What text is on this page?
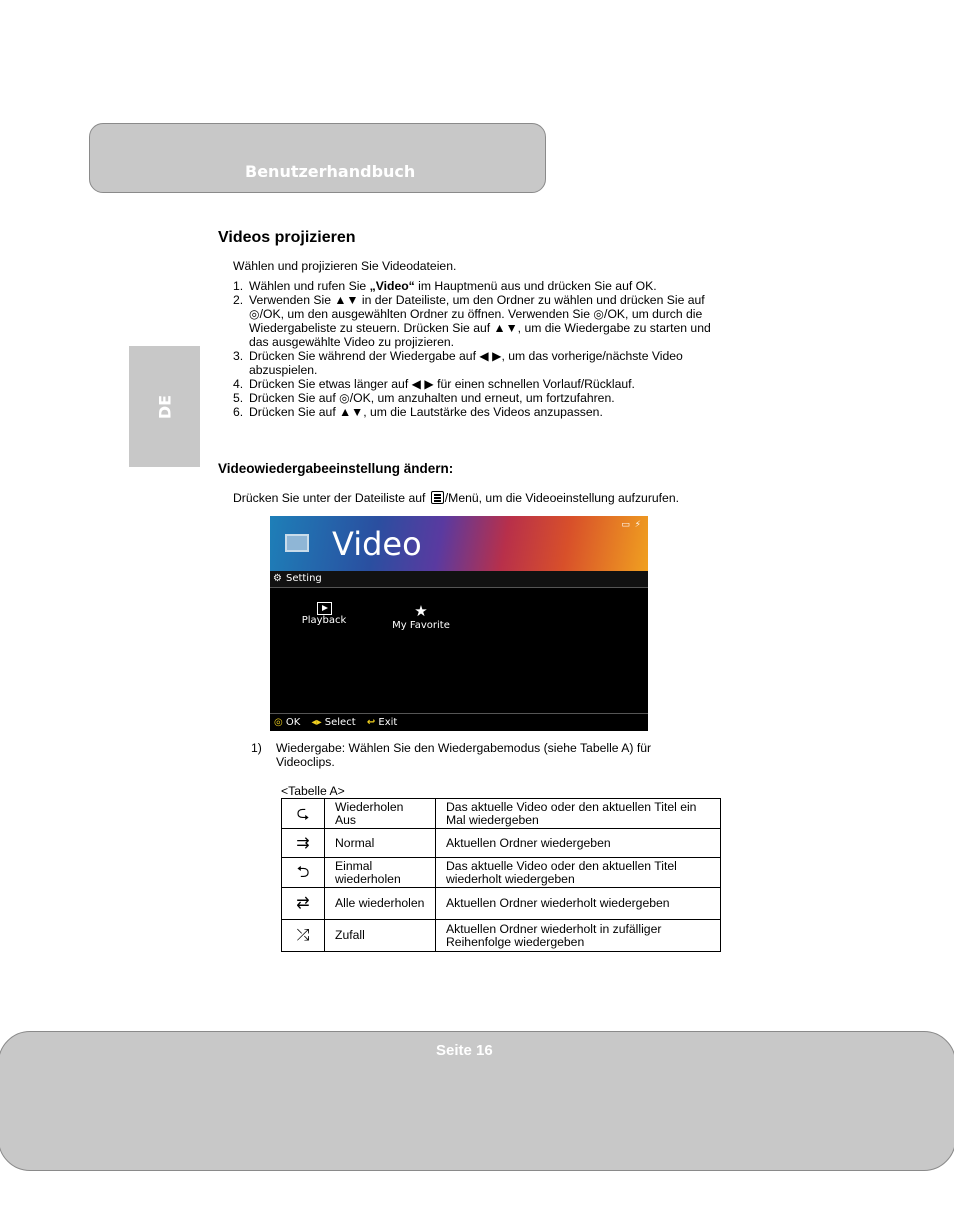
Benutzerhandbuch
DE
Videos projizieren
Wählen und projizieren Sie Videodateien.
1. Wählen und rufen Sie „Video“ im Hauptmenü aus und drücken Sie auf OK.
2. Verwenden Sie ▲▼ in der Dateiliste, um den Ordner zu wählen und drücken Sie auf ◎/OK, um den ausgewählten Ordner zu öffnen. Verwenden Sie ◎/OK, um durch die Wiedergabeliste zu steuern. Drücken Sie auf ▲▼, um die Wiedergabe zu starten und das ausgewählte Video zu projizieren.
3. Drücken Sie während der Wiedergabe auf ◀ ▶, um das vorherige/nächste Video abzuspielen.
4. Drücken Sie etwas länger auf ◀ ▶ für einen schnellen Vorlauf/Rücklauf.
5. Drücken Sie auf ◎/OK, um anzuhalten und erneut, um fortzufahren.
6. Drücken Sie auf ▲▼, um die Lautstärke des Videos anzupassen.
Videowiedergabeeinstellung ändern:
Drücken Sie unter der Dateiliste auf /Menü, um die Videoeinstellung aufzurufen.
Video	▭ ⚡
⚙ Setting
Playback
★
My Favorite
◎ OK ◂▸ Select ↩ Exit
1)	Wiedergabe: Wählen Sie den Wiedergabemodus (siehe Tabelle A) für Videoclips.
<Tabelle A>
⮎	Wiederholen Aus	Das aktuelle Video oder den aktuellen Titel ein Mal wiedergeben
⇉	Normal	Aktuellen Ordner wiedergeben
⮌	Einmal wiederholen	Das aktuelle Video oder den aktuellen Titel wiederholt wiedergeben
⇄	Alle wiederholen	Aktuellen Ordner wiederholt wiedergeben
⤮	Zufall	Aktuellen Ordner wiederholt in zufälliger Reihenfolge wiedergeben
Seite 16
